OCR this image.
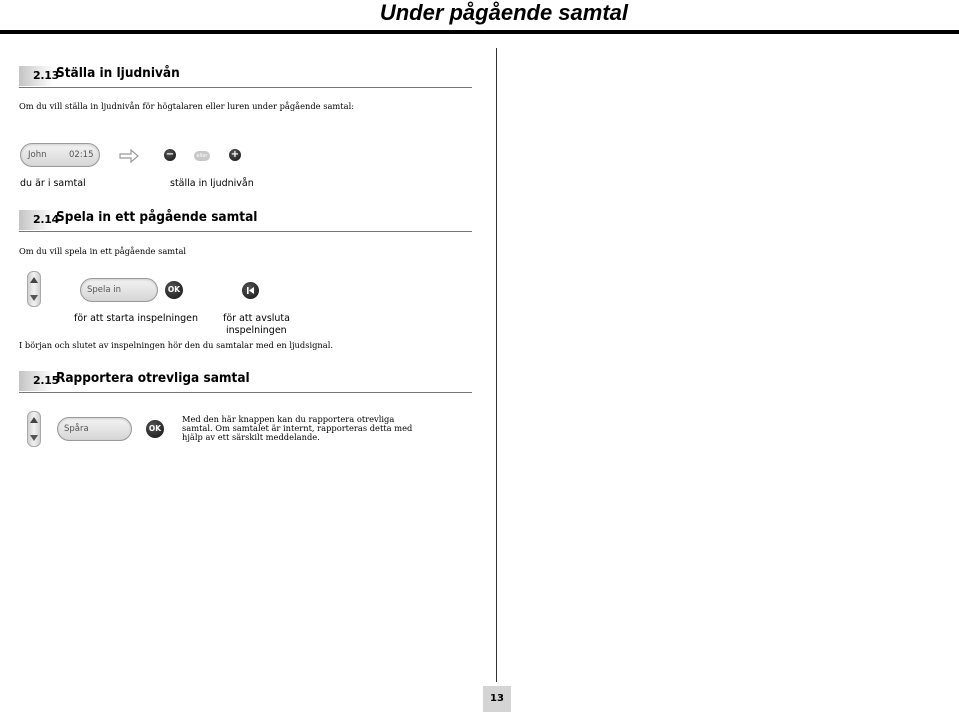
Under pågående samtal
2.13
Ställa in ljudnivån
Om du vill ställa in ljudnivån för högtalaren eller luren under pågående samtal:
John	02:15	−	eller +
du är i samtal	ställa in ljudnivån
2.14
Spela in ett pågående samtal
Om du vill spela in ett pågående samtal
Spela in	OK
för att starta inspelningen	för att avsluta
inspelningen
I början och slutet av inspelningen hör den du samtalar med en ljudsignal.
2.15
Rapportera otrevliga samtal
Spåra	OK
Med den här knappen kan du rapportera otrevliga
samtal. Om samtalet är internt, rapporteras detta med
hjälp av ett särskilt meddelande.
13
